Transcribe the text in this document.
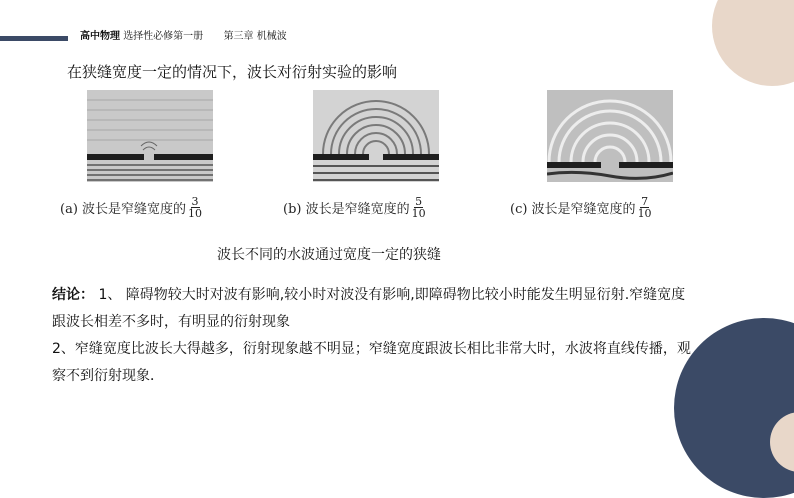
高中物理 选择性必修第一册 第三章 机械波
在狭缝宽度一定的情况下，波长对衍射实验的影响
(a) 波长是窄缝宽度的 $\frac{3}{10}$	(b) 波长是窄缝宽度的 $\frac{5}{10}$	(c) 波长是窄缝宽度的 $\frac{7}{10}$
波长不同的水波通过宽度一定的狭缝

结论： 1、 障碍物较大时对波有影响,较小时对波没有影响,即障碍物比较小时能发生明显衍射.窄缝宽度跟波长相差不多时，有明显的衍射现象

2、窄缝宽度比波长大得越多，衍射现象越不明显；窄缝宽度跟波长相比非常大时，水波将直线传播，观察不到衍射现象．
